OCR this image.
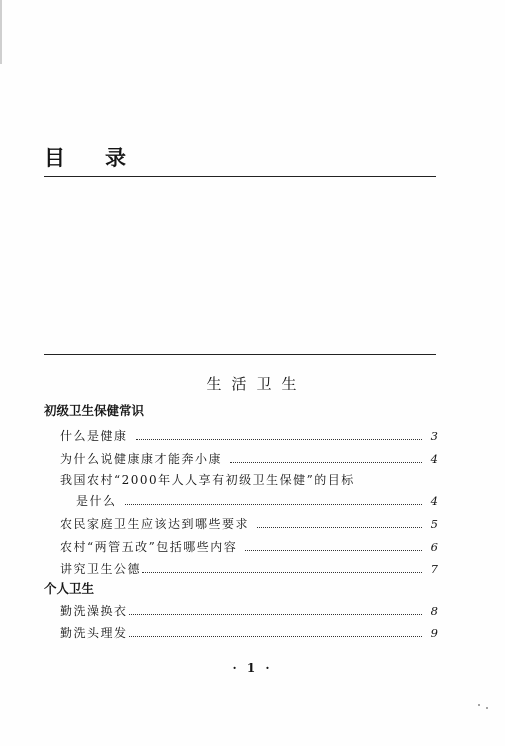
目录
生活卫生
初级卫生保健常识
什么是健康	3
为什么说健康康才能奔小康	4
我国农村“2000年人人享有初级卫生保健”的目标
是什么	4
农民家庭卫生应该达到哪些要求	5
农村“两管五改”包括哪些内容	6
讲究卫生公德	7
个人卫生
勤洗澡换衣	8
勤洗头理发	9
· 1 ·
